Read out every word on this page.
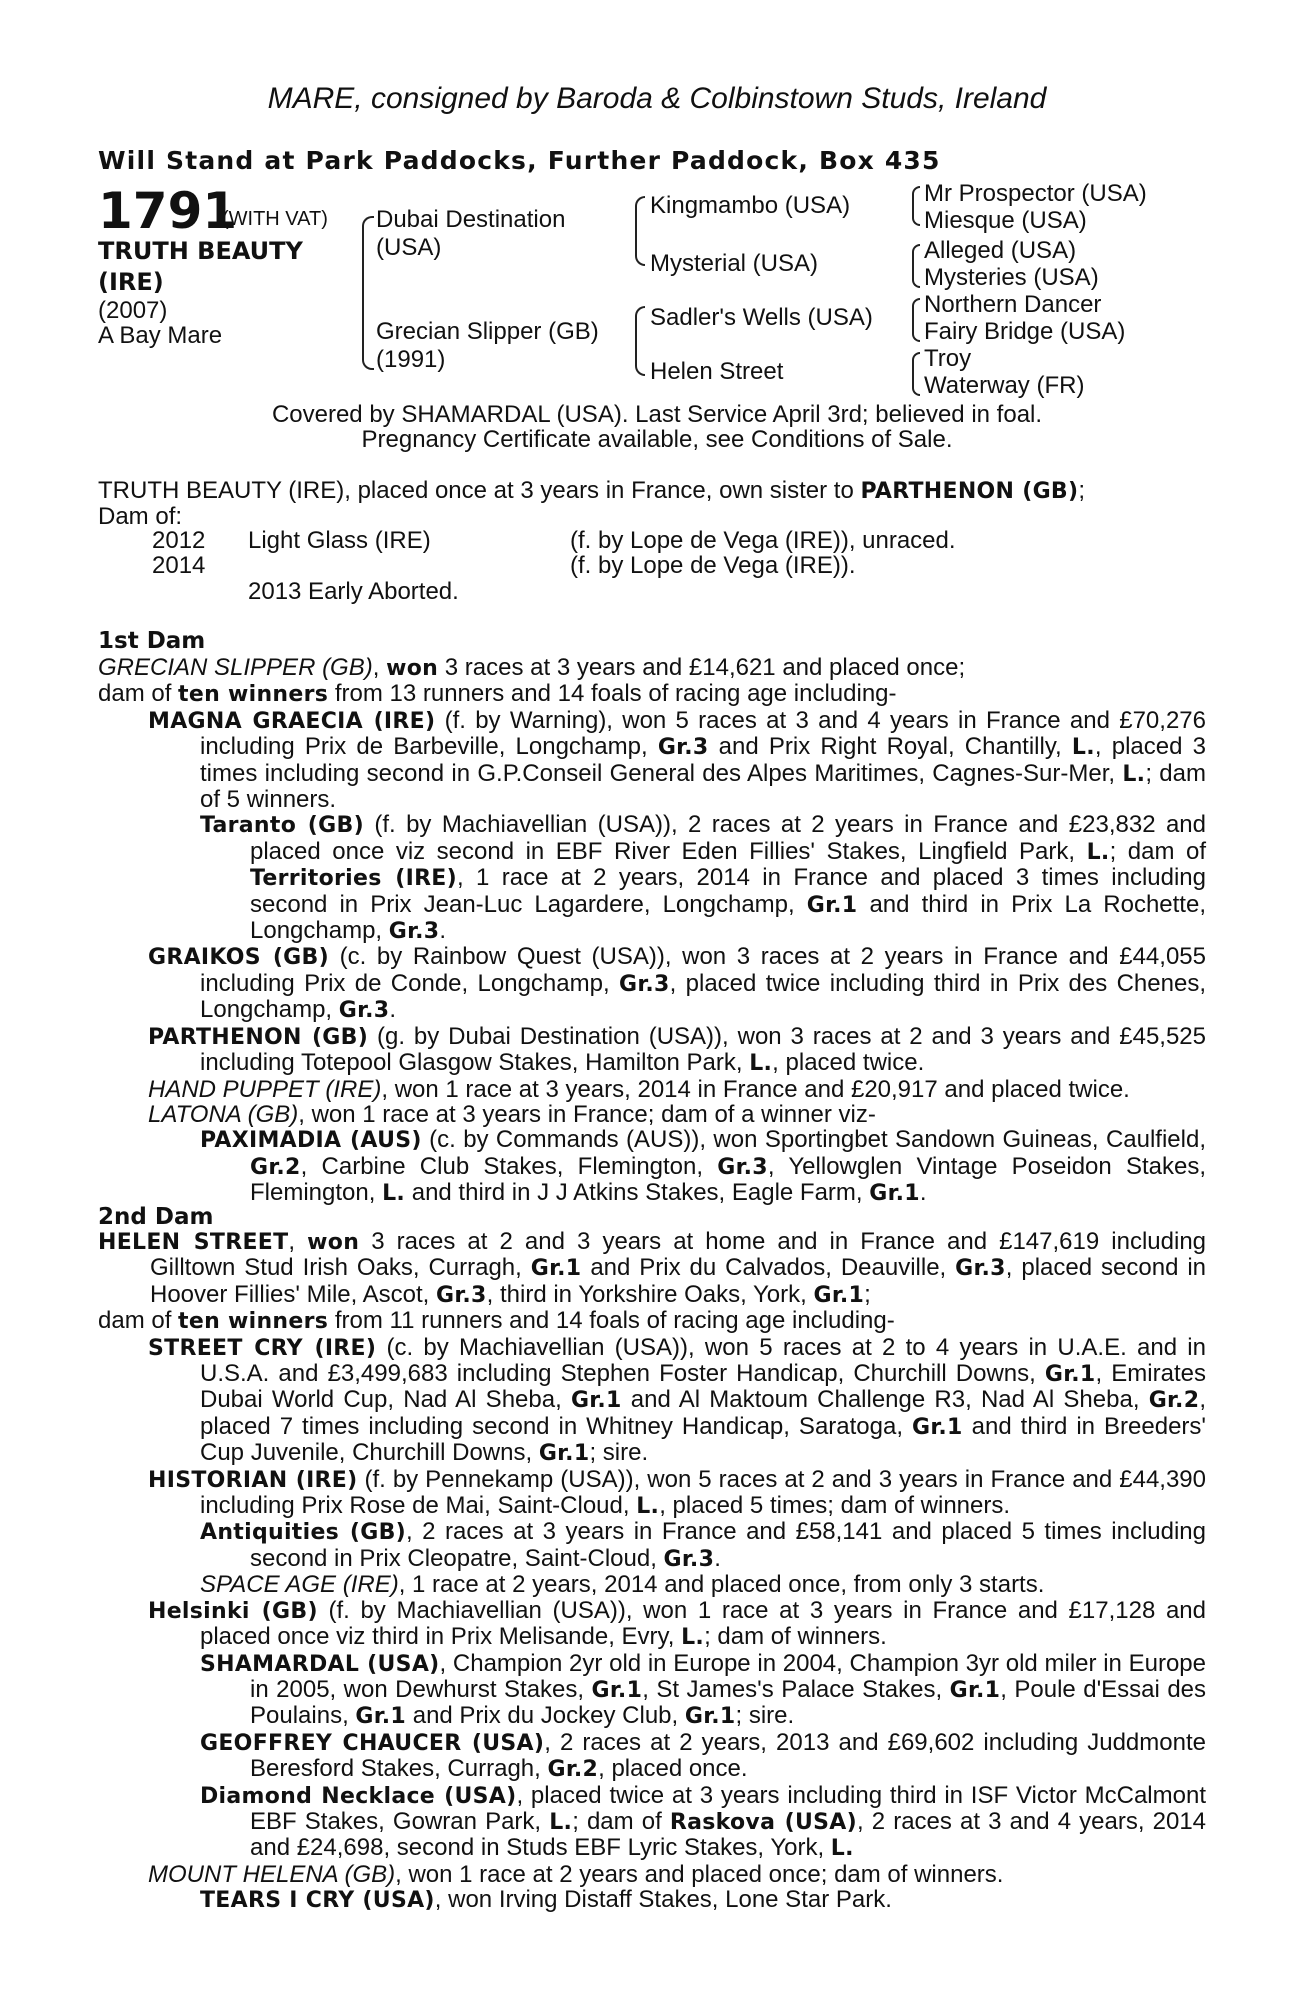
MARE, consigned by Baroda & Colbinstown Studs, Ireland
Will Stand at Park Paddocks, Further Paddock, Box 435
1791
(WITH VAT)
TRUTH BEAUTY
(IRE)
(2007)
A Bay Mare
Dubai Destination
(USA)
Grecian Slipper (GB)
(1991)
Kingmambo (USA)
Mysterial (USA)
Sadler's Wells (USA)
Helen Street
Mr Prospector (USA)
Miesque (USA)
Alleged (USA)
Mysteries (USA)
Northern Dancer
Fairy Bridge (USA)
Troy
Waterway (FR)
Covered by SHAMARDAL (USA). Last Service April 3rd; believed in foal.
Pregnancy Certificate available, see Conditions of Sale.
TRUTH BEAUTY (IRE), placed once at 3 years in France, own sister to PARTHENON (GB);
Dam of:
2012 Light Glass (IRE)	(f. by Lope de Vega (IRE)), unraced.
2014	(f. by Lope de Vega (IRE)).
2013 Early Aborted.
1st Dam

GRECIAN SLIPPER (GB), won 3 races at 3 years and £14,621 and placed once;

dam of ten winners from 13 runners and 14 foals of racing age including-

MAGNA GRAECIA (IRE) (f. by Warning), won 5 races at 3 and 4 years in France and £70,276 including Prix de Barbeville, Longchamp, Gr.3 and Prix Right Royal, Chantilly, L., placed 3 times including second in G.P.Conseil General des Alpes Maritimes, Cagnes-Sur-Mer, L.; dam of 5 winners.

Taranto (GB) (f. by Machiavellian (USA)), 2 races at 2 years in France and £23,832 and placed once viz second in EBF River Eden Fillies' Stakes, Lingfield Park, L.; dam of Territories (IRE), 1 race at 2 years, 2014 in France and placed 3 times including second in Prix Jean-Luc Lagardere, Longchamp, Gr.1 and third in Prix La Rochette, Longchamp, Gr.3.

GRAIKOS (GB) (c. by Rainbow Quest (USA)), won 3 races at 2 years in France and £44,055 including Prix de Conde, Longchamp, Gr.3, placed twice including third in Prix des Chenes, Longchamp, Gr.3.

PARTHENON (GB) (g. by Dubai Destination (USA)), won 3 races at 2 and 3 years and £45,525 including Totepool Glasgow Stakes, Hamilton Park, L., placed twice.

HAND PUPPET (IRE), won 1 race at 3 years, 2014 in France and £20,917 and placed twice.

LATONA (GB), won 1 race at 3 years in France; dam of a winner viz-

PAXIMADIA (AUS) (c. by Commands (AUS)), won Sportingbet Sandown Guineas, Caulfield, Gr.2, Carbine Club Stakes, Flemington, Gr.3, Yellowglen Vintage Poseidon Stakes, Flemington, L. and third in J J Atkins Stakes, Eagle Farm, Gr.1.

2nd Dam

HELEN STREET, won 3 races at 2 and 3 years at home and in France and £147,619 including Gilltown Stud Irish Oaks, Curragh, Gr.1 and Prix du Calvados, Deauville, Gr.3, placed second in Hoover Fillies' Mile, Ascot, Gr.3, third in Yorkshire Oaks, York, Gr.1;

dam of ten winners from 11 runners and 14 foals of racing age including-

STREET CRY (IRE) (c. by Machiavellian (USA)), won 5 races at 2 to 4 years in U.A.E. and in U.S.A. and £3,499,683 including Stephen Foster Handicap, Churchill Downs, Gr.1, Emirates Dubai World Cup, Nad Al Sheba, Gr.1 and Al Maktoum Challenge R3, Nad Al Sheba, Gr.2, placed 7 times including second in Whitney Handicap, Saratoga, Gr.1 and third in Breeders' Cup Juvenile, Churchill Downs, Gr.1; sire.

HISTORIAN (IRE) (f. by Pennekamp (USA)), won 5 races at 2 and 3 years in France and £44,390 including Prix Rose de Mai, Saint-Cloud, L., placed 5 times; dam of winners.

Antiquities (GB), 2 races at 3 years in France and £58,141 and placed 5 times including second in Prix Cleopatre, Saint-Cloud, Gr.3.

SPACE AGE (IRE), 1 race at 2 years, 2014 and placed once, from only 3 starts.

Helsinki (GB) (f. by Machiavellian (USA)), won 1 race at 3 years in France and £17,128 and placed once viz third in Prix Melisande, Evry, L.; dam of winners.

SHAMARDAL (USA), Champion 2yr old in Europe in 2004, Champion 3yr old miler in Europe in 2005, won Dewhurst Stakes, Gr.1, St James's Palace Stakes, Gr.1, Poule d'Essai des Poulains, Gr.1 and Prix du Jockey Club, Gr.1; sire.

GEOFFREY CHAUCER (USA), 2 races at 2 years, 2013 and £69,602 including Juddmonte Beresford Stakes, Curragh, Gr.2, placed once.

Diamond Necklace (USA), placed twice at 3 years including third in ISF Victor McCalmont EBF Stakes, Gowran Park, L.; dam of Raskova (USA), 2 races at 3 and 4 years, 2014 and £24,698, second in Studs EBF Lyric Stakes, York, L.

MOUNT HELENA (GB), won 1 race at 2 years and placed once; dam of winners.

TEARS I CRY (USA), won Irving Distaff Stakes, Lone Star Park.
